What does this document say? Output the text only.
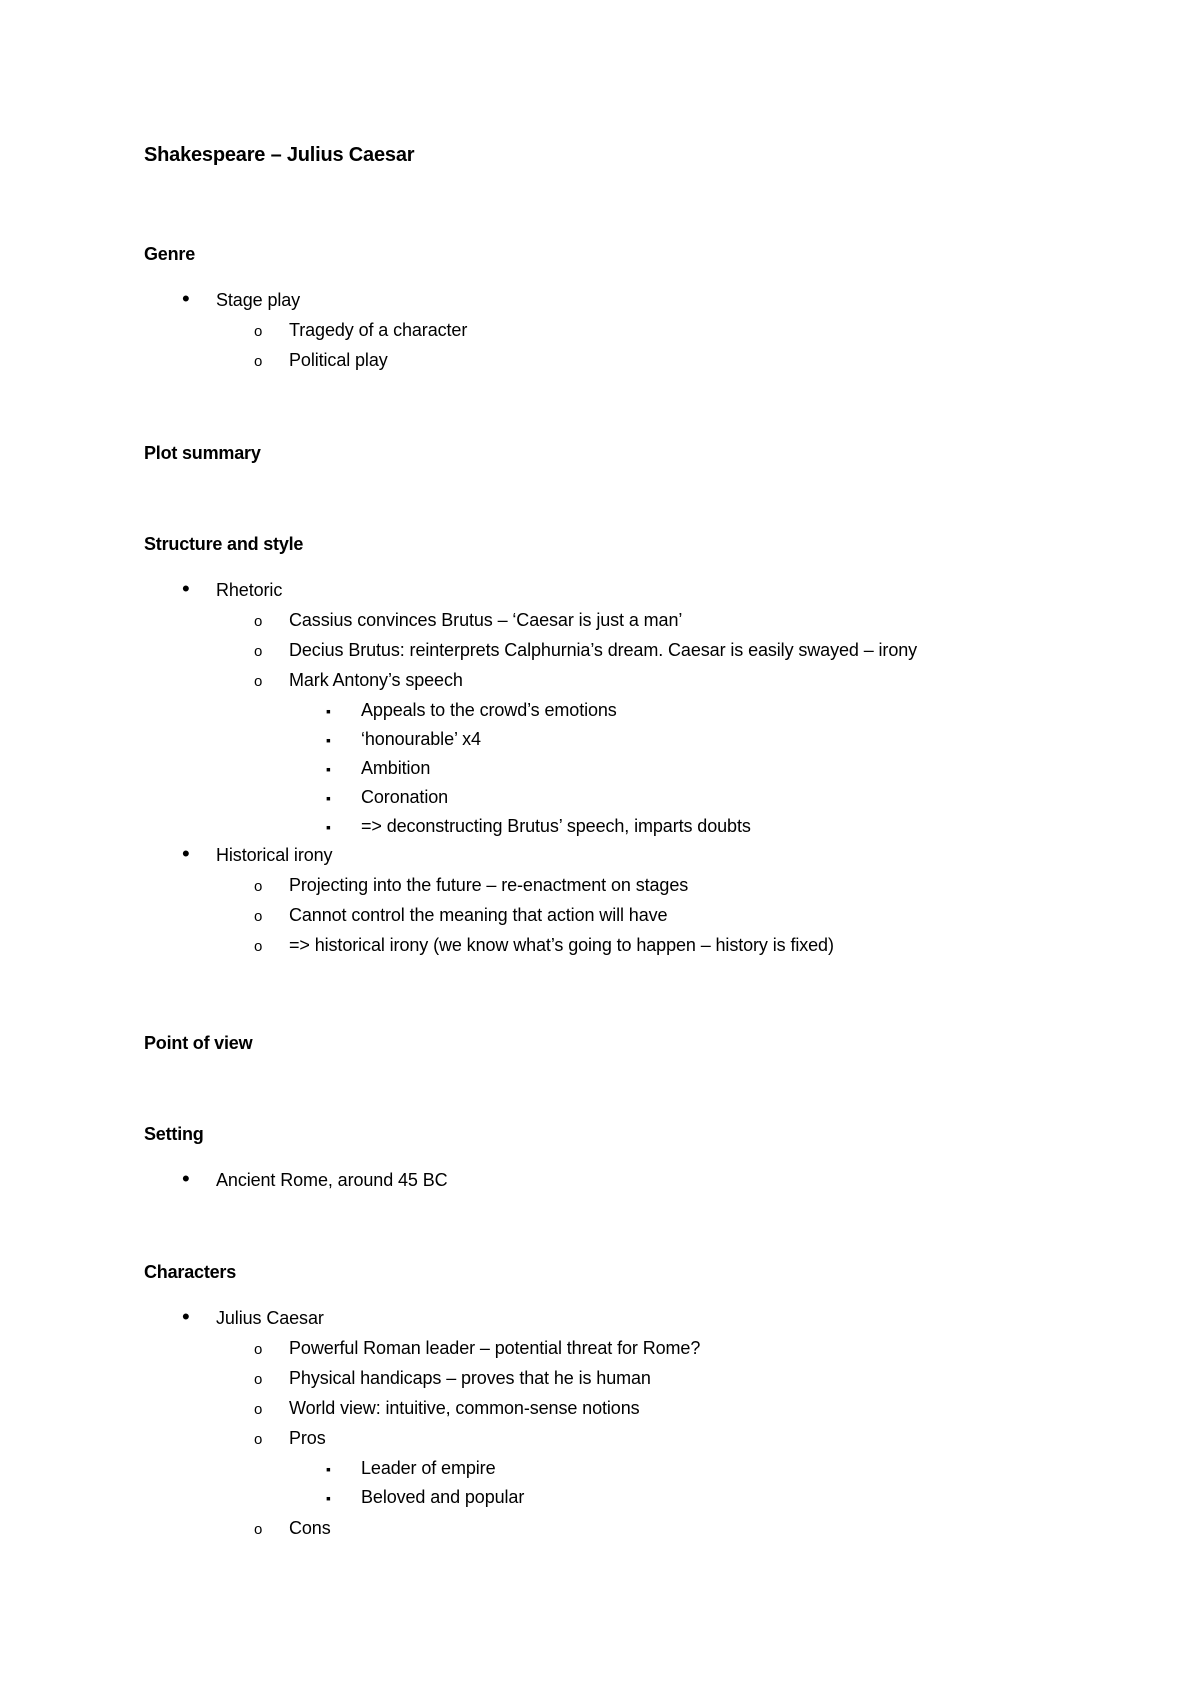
Shakespeare – Julius Caesar
Genre
•
Stage play
o
Tragedy of a character
o
Political play
Plot summary
Structure and style
•
Rhetoric
o
Cassius convinces Brutus – ‘Caesar is just a man’
o
Decius Brutus: reinterprets Calphurnia’s dream. Caesar is easily swayed – irony
o
Mark Antony’s speech
▪
Appeals to the crowd’s emotions
▪
‘honourable’ x4
▪
Ambition
▪
Coronation
▪
=> deconstructing Brutus’ speech, imparts doubts
•
Historical irony
o
Projecting into the future – re-enactment on stages
o
Cannot control the meaning that action will have
o
=> historical irony (we know what’s going to happen – history is fixed)
Point of view
Setting
•
Ancient Rome, around 45 BC
Characters
•
Julius Caesar
o
Powerful Roman leader – potential threat for Rome?
o
Physical handicaps – proves that he is human
o
World view: intuitive, common-sense notions
o
Pros
▪
Leader of empire
▪
Beloved and popular
o
Cons
